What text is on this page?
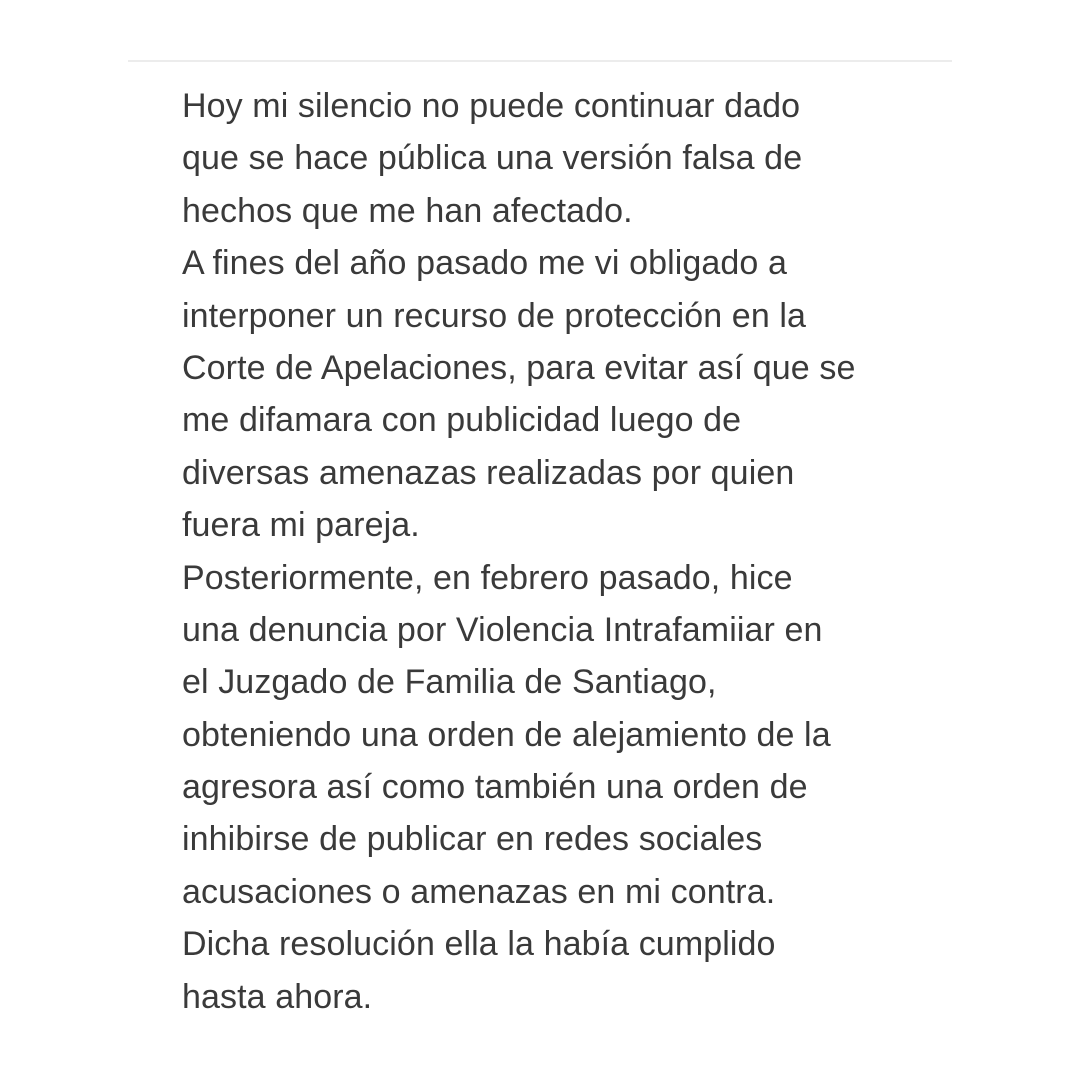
Hoy mi silencio no puede continuar dado
que se hace pública una versión falsa de
hechos que me han afectado.
A fines del año pasado me vi obligado a
interponer un recurso de protección en la
Corte de Apelaciones, para evitar así que se
me difamara con publicidad luego de
diversas amenazas realizadas por quien
fuera mi pareja.
Posteriormente, en febrero pasado, hice
una denuncia por Violencia Intrafamiiar en
el Juzgado de Familia de Santiago,
obteniendo una orden de alejamiento de la
agresora así como también una orden de
inhibirse de publicar en redes sociales
acusaciones o amenazas en mi contra.
Dicha resolución ella la había cumplido
hasta ahora.
